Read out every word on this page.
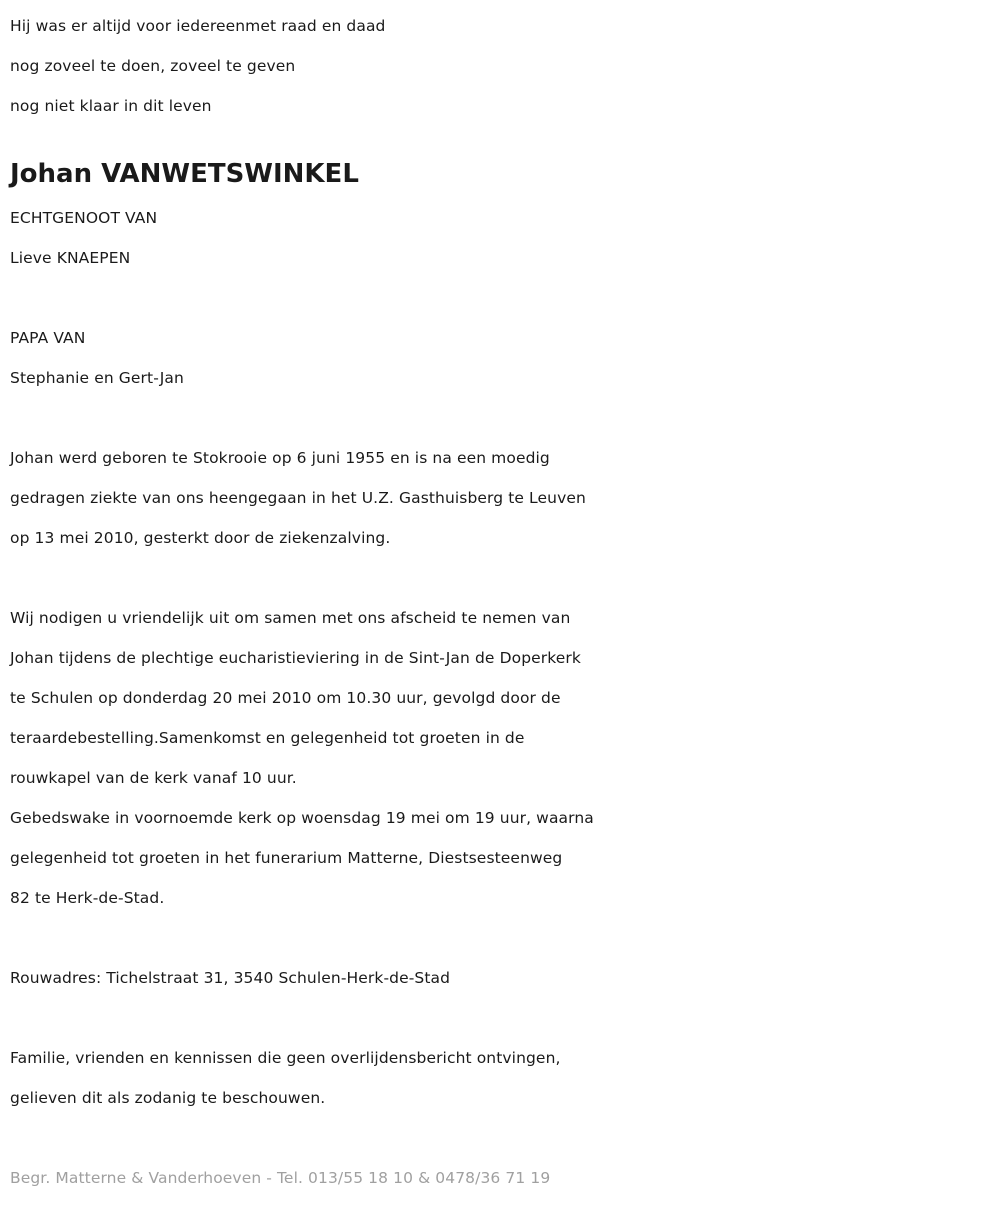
Hij was er altijd voor iedereenmet raad en daad
nog zoveel te doen, zoveel te geven
nog niet klaar in dit leven
Johan VANWETSWINKEL
ECHTGENOOT VAN
Lieve KNAEPEN
PAPA VAN
Stephanie en Gert-Jan
Johan werd geboren te Stokrooie op 6 juni 1955 en is na een moedig
gedragen ziekte van ons heengegaan in het U.Z. Gasthuisberg te Leuven
op 13 mei 2010, gesterkt door de ziekenzalving.
Wij nodigen u vriendelijk uit om samen met ons afscheid te nemen van
Johan tijdens de plechtige eucharistieviering in de Sint-Jan de Doperkerk
te Schulen op donderdag 20 mei 2010 om 10.30 uur, gevolgd door de
teraardebestelling.Samenkomst en gelegenheid tot groeten in de
rouwkapel van de kerk vanaf 10 uur.
Gebedswake in voornoemde kerk op woensdag 19 mei om 19 uur, waarna
gelegenheid tot groeten in het funerarium Matterne, Diestsesteenweg
82 te Herk-de-Stad.
Rouwadres: Tichelstraat 31, 3540 Schulen-Herk-de-Stad
Familie, vrienden en kennissen die geen overlijdensbericht ontvingen,
gelieven dit als zodanig te beschouwen.
Begr. Matterne & Vanderhoeven - Tel. 013/55 18 10 & 0478/36 71 19
